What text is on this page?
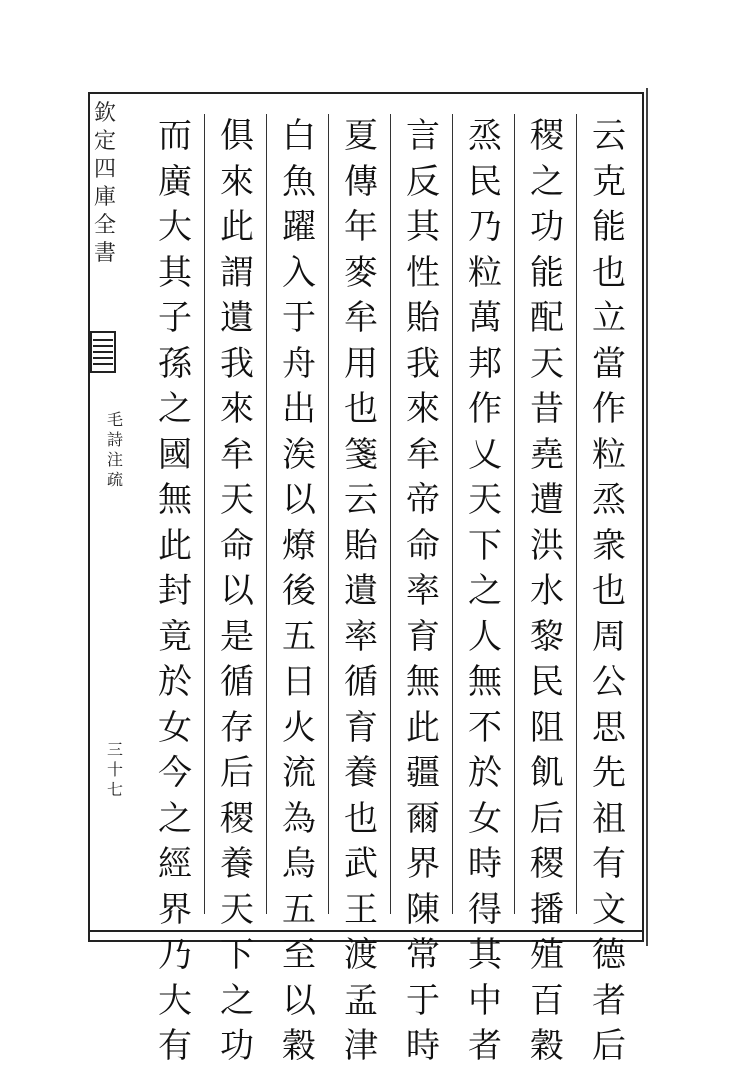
云
克
能
也
立
當
作
粒
烝
衆
也
周
公
思
先
祖
有
文
德
者
后
稷
之
功
能
配
天
昔
堯
遭
洪
水
黎
民
阻
飢
后
稷
播
殖
百
穀
烝
民
乃
粒
萬
邦
作
乂
天
下
之
人
無
不
於
女
時
得
其
中
者
言
反
其
性
貽
我
來
牟
帝
命
率
育
無
此
疆
爾
界
陳
常
于
時
夏
傳
年
麥
牟
用
也
箋
云
貽
遺
率
循
育
養
也
武
王
渡
孟
津
白
魚
躍
入
于
舟
出
涘
以
燎
後
五
日
火
流
為
烏
五
至
以
穀
俱
來
此
謂
遺
我
來
牟
天
命
以
是
循
存
后
稷
養
天
下
之
功
而
廣
大
其
子
孫
之
國
無
此
封
竟
於
女
今
之
經
界
乃
大
有
欽
定
四
庫
全
書
毛
詩
注
疏
三
十
七
